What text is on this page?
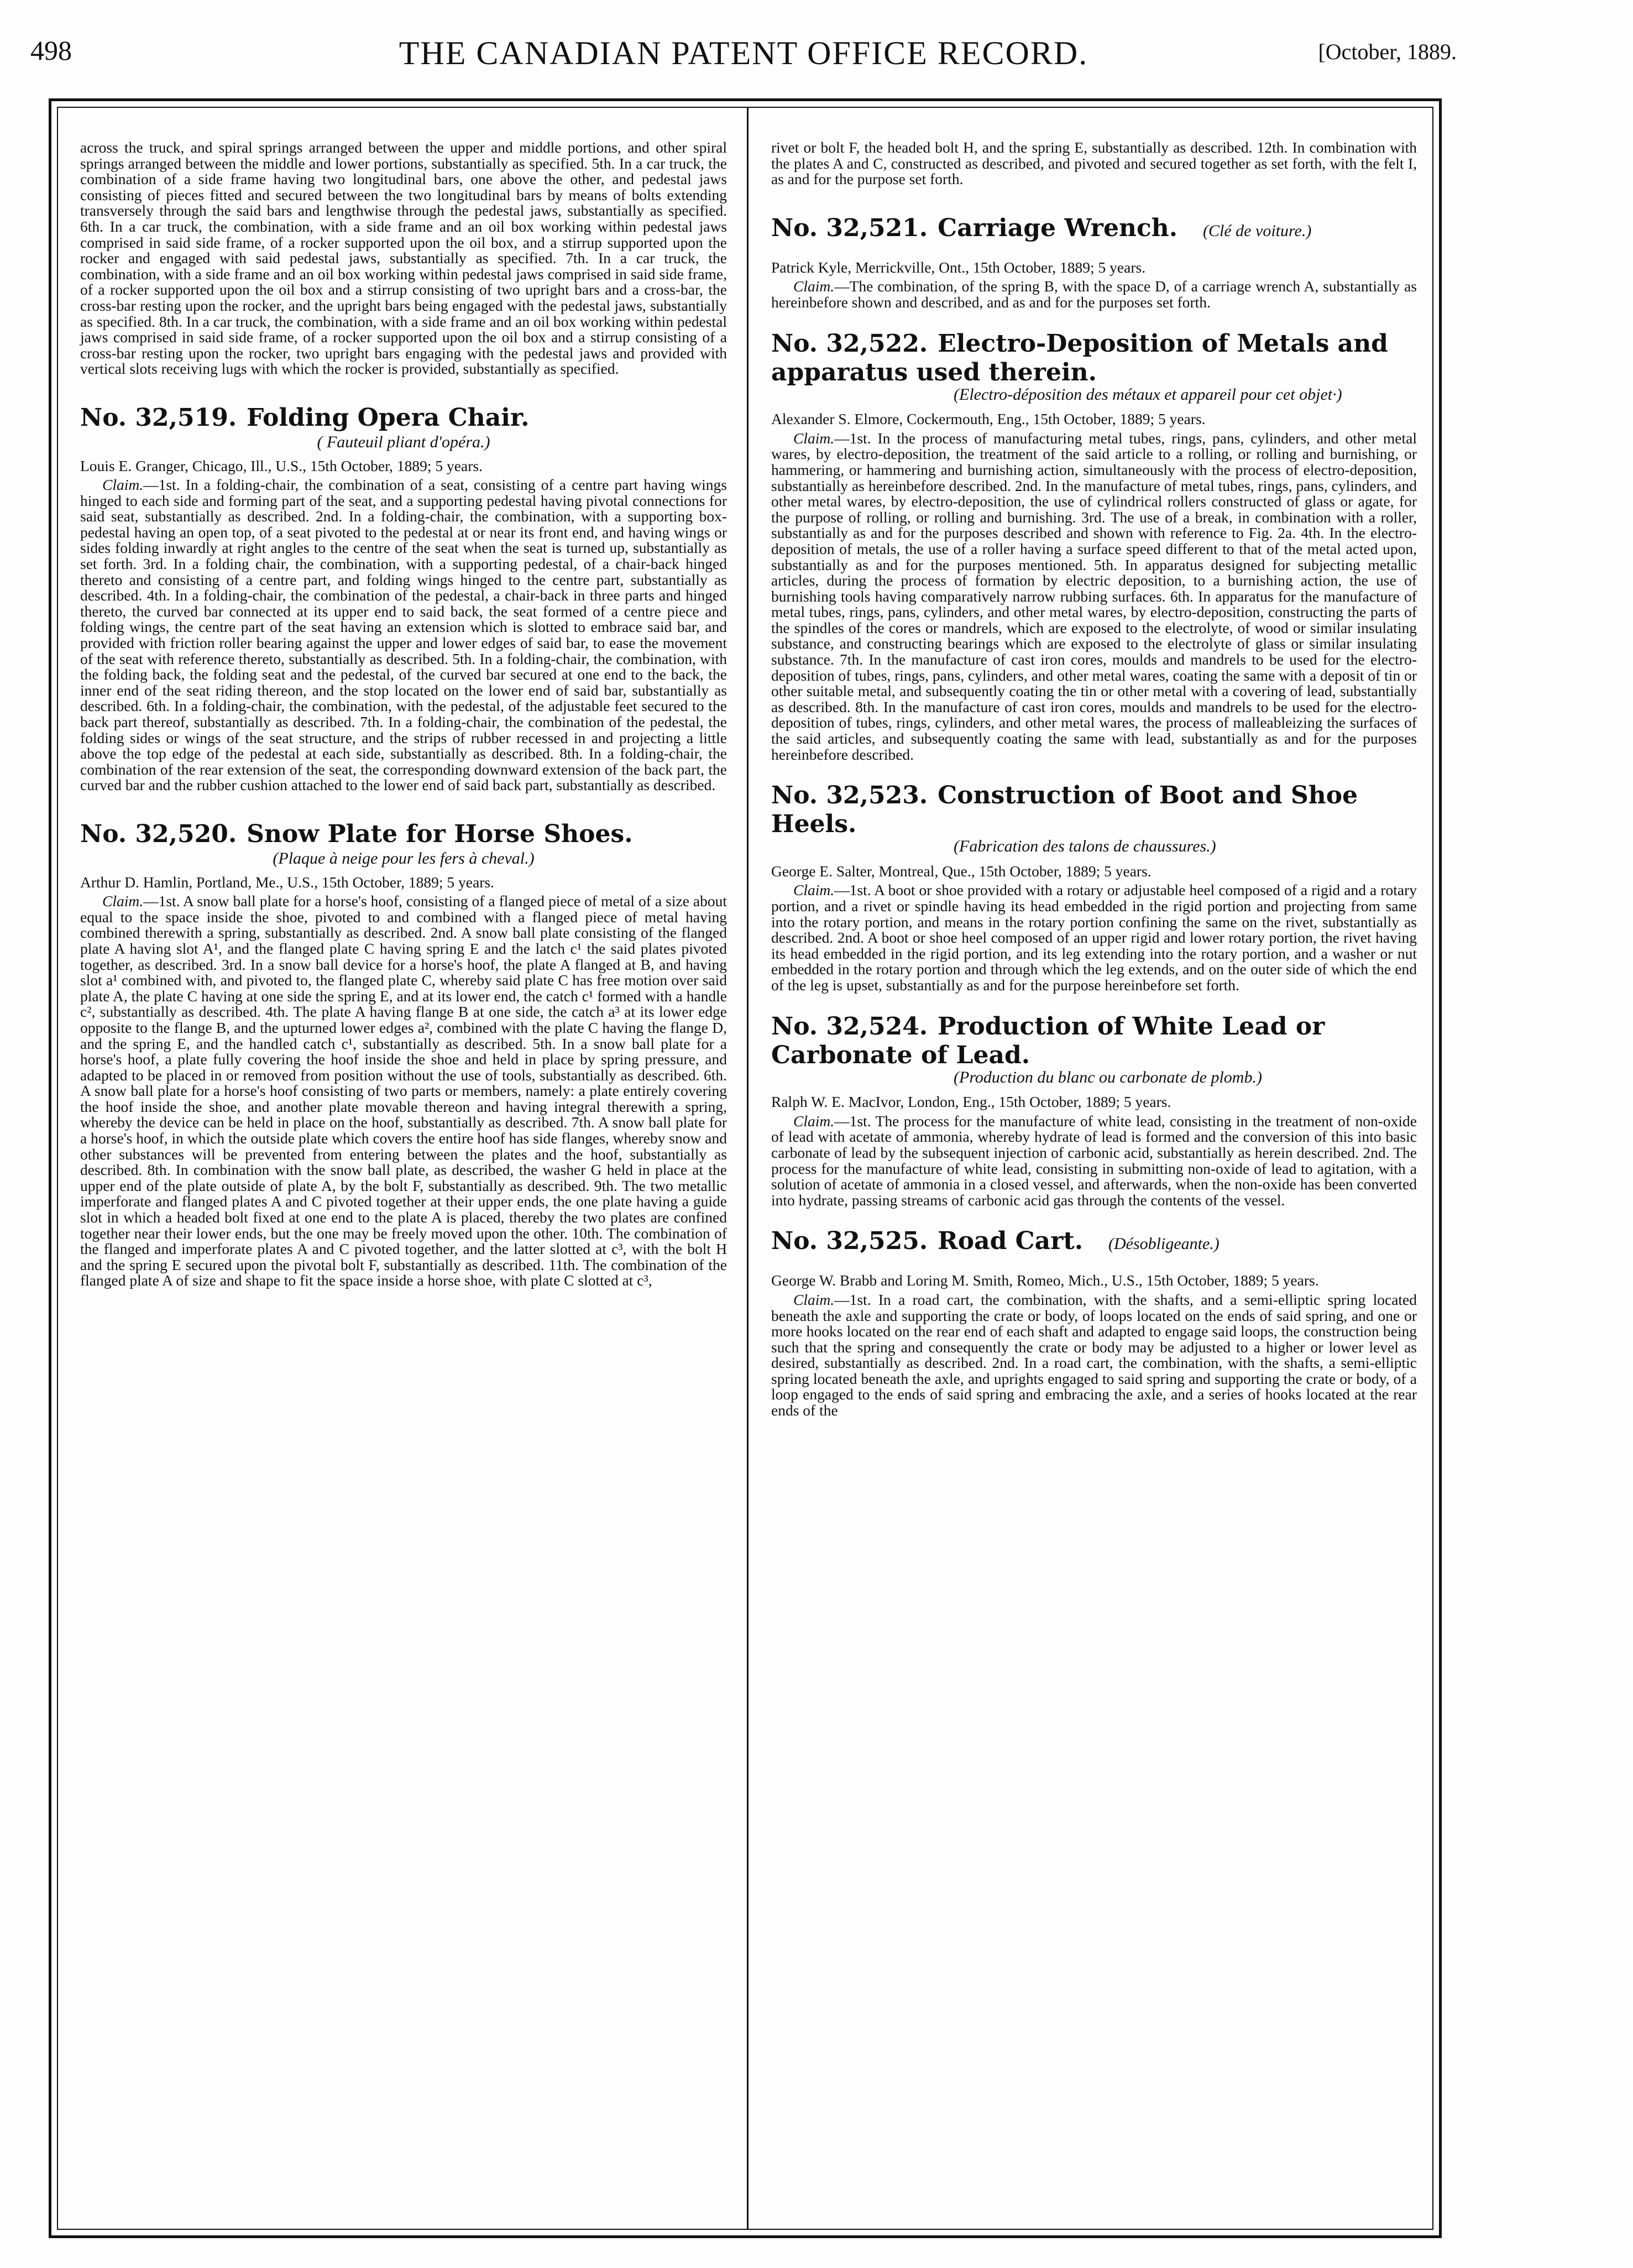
498	THE CANADIAN PATENT OFFICE RECORD.	[October, 1889.

across the truck, and spiral springs arranged between the upper and middle portions, and other spiral springs arranged between the middle and lower portions, substantially as specified. 5th. In a car truck, the combination of a side frame having two longitudinal bars, one above the other, and pedestal jaws consisting of pieces fitted and secured between the two longitudinal bars by means of bolts extending transversely through the said bars and lengthwise through the pedestal jaws, substantially as specified. 6th. In a car truck, the combination, with a side frame and an oil box working within pedestal jaws comprised in said side frame, of a rocker supported upon the oil box, and a stirrup supported upon the rocker and engaged with said pedestal jaws, substantially as specified. 7th. In a car truck, the combination, with a side frame and an oil box working within pedestal jaws comprised in said side frame, of a rocker supported upon the oil box and a stirrup consisting of two upright bars and a cross-bar, the cross-bar resting upon the rocker, and the upright bars being engaged with the pedestal jaws, substantially as specified. 8th. In a car truck, the combination, with a side frame and an oil box working within pedestal jaws comprised in said side frame, of a rocker supported upon the oil box and a stirrup consisting of a cross-bar resting upon the rocker, two upright bars engaging with the pedestal jaws and provided with vertical slots receiving lugs with which the rocker is provided, substantially as specified.

No. 32,519. Folding Opera Chair.

( Fauteuil pliant d'opéra.)

Louis E. Granger, Chicago, Ill., U.S., 15th October, 1889; 5 years.

Claim.—1st. In a folding-chair, the combination of a seat, consisting of a centre part having wings hinged to each side and forming part of the seat, and a supporting pedestal having pivotal connections for said seat, substantially as described. 2nd. In a folding-chair, the combination, with a supporting box-pedestal having an open top, of a seat pivoted to the pedestal at or near its front end, and having wings or sides folding inwardly at right angles to the centre of the seat when the seat is turned up, substantially as set forth. 3rd. In a folding chair, the combination, with a supporting pedestal, of a chair-back hinged thereto and consisting of a centre part, and folding wings hinged to the centre part, substantially as described. 4th. In a folding-chair, the combination of the pedestal, a chair-back in three parts and hinged thereto, the curved bar connected at its upper end to said back, the seat formed of a centre piece and folding wings, the centre part of the seat having an extension which is slotted to embrace said bar, and provided with friction roller bearing against the upper and lower edges of said bar, to ease the movement of the seat with reference thereto, substantially as described. 5th. In a folding-chair, the combination, with the folding back, the folding seat and the pedestal, of the curved bar secured at one end to the back, the inner end of the seat riding thereon, and the stop located on the lower end of said bar, substantially as described. 6th. In a folding-chair, the combination, with the pedestal, of the adjustable feet secured to the back part thereof, substantially as described. 7th. In a folding-chair, the combination of the pedestal, the folding sides or wings of the seat structure, and the strips of rubber recessed in and projecting a little above the top edge of the pedestal at each side, substantially as described. 8th. In a folding-chair, the combination of the rear extension of the seat, the corresponding downward extension of the back part, the curved bar and the rubber cushion attached to the lower end of said back part, substantially as described.

No. 32,520. Snow Plate for Horse Shoes.

(Plaque à neige pour les fers à cheval.)

Arthur D. Hamlin, Portland, Me., U.S., 15th October, 1889; 5 years.

Claim.—1st. A snow ball plate for a horse's hoof, consisting of a flanged piece of metal of a size about equal to the space inside the shoe, pivoted to and combined with a flanged piece of metal having combined therewith a spring, substantially as described. 2nd. A snow ball plate consisting of the flanged plate A having slot A¹, and the flanged plate C having spring E and the latch c¹ the said plates pivoted together, as described. 3rd. In a snow ball device for a horse's hoof, the plate A flanged at B, and having slot a¹ combined with, and pivoted to, the flanged plate C, whereby said plate C has free motion over said plate A, the plate C having at one side the spring E, and at its lower end, the catch c¹ formed with a handle c², substantially as described. 4th. The plate A having flange B at one side, the catch a³ at its lower edge opposite to the flange B, and the upturned lower edges a², combined with the plate C having the flange D, and the spring E, and the handled catch c¹, substantially as described. 5th. In a snow ball plate for a horse's hoof, a plate fully covering the hoof inside the shoe and held in place by spring pressure, and adapted to be placed in or removed from position without the use of tools, substantially as described. 6th. A snow ball plate for a horse's hoof consisting of two parts or members, namely: a plate entirely covering the hoof inside the shoe, and another plate movable thereon and having integral therewith a spring, whereby the device can be held in place on the hoof, substantially as described. 7th. A snow ball plate for a horse's hoof, in which the outside plate which covers the entire hoof has side flanges, whereby snow and other substances will be prevented from entering between the plates and the hoof, substantially as described. 8th. In combination with the snow ball plate, as described, the washer G held in place at the upper end of the plate outside of plate A, by the bolt F, substantially as described. 9th. The two metallic imperforate and flanged plates A and C pivoted together at their upper ends, the one plate having a guide slot in which a headed bolt fixed at one end to the plate A is placed, thereby the two plates are confined together near their lower ends, but the one may be freely moved upon the other. 10th. The combination of the flanged and imperforate plates A and C pivoted together, and the latter slotted at c³, with the bolt H and the spring E secured upon the pivotal bolt F, substantially as described. 11th. The combination of the flanged plate A of size and shape to fit the space inside a horse shoe, with plate C slotted at c³,

rivet or bolt F, the headed bolt H, and the spring E, substantially as described. 12th. In combination with the plates A and C, constructed as described, and pivoted and secured together as set forth, with the felt I, as and for the purpose set forth.

No. 32,521. Carriage Wrench. (Clé de voiture.)

Patrick Kyle, Merrickville, Ont., 15th October, 1889; 5 years.

Claim.—The combination, of the spring B, with the space D, of a carriage wrench A, substantially as hereinbefore shown and described, and as and for the purposes set forth.

No. 32,522. Electro-Deposition of Metals and apparatus used therein.

(Electro-déposition des métaux et appareil pour cet objet·)

Alexander S. Elmore, Cockermouth, Eng., 15th October, 1889; 5 years.

Claim.—1st. In the process of manufacturing metal tubes, rings, pans, cylinders, and other metal wares, by electro-deposition, the treatment of the said article to a rolling, or rolling and burnishing, or hammering, or hammering and burnishing action, simultaneously with the process of electro-deposition, substantially as hereinbefore described. 2nd. In the manufacture of metal tubes, rings, pans, cylinders, and other metal wares, by electro-deposition, the use of cylindrical rollers constructed of glass or agate, for the purpose of rolling, or rolling and burnishing. 3rd. The use of a break, in combination with a roller, substantially as and for the purposes described and shown with reference to Fig. 2a. 4th. In the electro-deposition of metals, the use of a roller having a surface speed different to that of the metal acted upon, substantially as and for the purposes mentioned. 5th. In apparatus designed for subjecting metallic articles, during the process of formation by electric deposition, to a burnishing action, the use of burnishing tools having comparatively narrow rubbing surfaces. 6th. In apparatus for the manufacture of metal tubes, rings, pans, cylinders, and other metal wares, by electro-deposition, constructing the parts of the spindles of the cores or mandrels, which are exposed to the electrolyte, of wood or similar insulating substance, and constructing bearings which are exposed to the electrolyte of glass or similar insulating substance. 7th. In the manufacture of cast iron cores, moulds and mandrels to be used for the electro-deposition of tubes, rings, pans, cylinders, and other metal wares, coating the same with a deposit of tin or other suitable metal, and subsequently coating the tin or other metal with a covering of lead, substantially as described. 8th. In the manufacture of cast iron cores, moulds and mandrels to be used for the electro-deposition of tubes, rings, cylinders, and other metal wares, the process of malleableizing the surfaces of the said articles, and subsequently coating the same with lead, substantially as and for the purposes hereinbefore described.

No. 32,523. Construction of Boot and Shoe Heels.

(Fabrication des talons de chaussures.)

George E. Salter, Montreal, Que., 15th October, 1889; 5 years.

Claim.—1st. A boot or shoe provided with a rotary or adjustable heel composed of a rigid and a rotary portion, and a rivet or spindle having its head embedded in the rigid portion and projecting from same into the rotary portion, and means in the rotary portion confining the same on the rivet, substantially as described. 2nd. A boot or shoe heel composed of an upper rigid and lower rotary portion, the rivet having its head embedded in the rigid portion, and its leg extending into the rotary portion, and a washer or nut embedded in the rotary portion and through which the leg extends, and on the outer side of which the end of the leg is upset, substantially as and for the purpose hereinbefore set forth.

No. 32,524. Production of White Lead or Carbonate of Lead.

(Production du blanc ou carbonate de plomb.)

Ralph W. E. MacIvor, London, Eng., 15th October, 1889; 5 years.

Claim.—1st. The process for the manufacture of white lead, consisting in the treatment of non-oxide of lead with acetate of ammonia, whereby hydrate of lead is formed and the conversion of this into basic carbonate of lead by the subsequent injection of carbonic acid, substantially as herein described. 2nd. The process for the manufacture of white lead, consisting in submitting non-oxide of lead to agitation, with a solution of acetate of ammonia in a closed vessel, and afterwards, when the non-oxide has been converted into hydrate, passing streams of carbonic acid gas through the contents of the vessel.

No. 32,525. Road Cart. (Désobligeante.)

George W. Brabb and Loring M. Smith, Romeo, Mich., U.S., 15th October, 1889; 5 years.

Claim.—1st. In a road cart, the combination, with the shafts, and a semi-elliptic spring located beneath the axle and supporting the crate or body, of loops located on the ends of said spring, and one or more hooks located on the rear end of each shaft and adapted to engage said loops, the construction being such that the spring and consequently the crate or body may be adjusted to a higher or lower level as desired, substantially as described. 2nd. In a road cart, the combination, with the shafts, a semi-elliptic spring located beneath the axle, and uprights engaged to said spring and supporting the crate or body, of a loop engaged to the ends of said spring and embracing the axle, and a series of hooks located at the rear ends of the
